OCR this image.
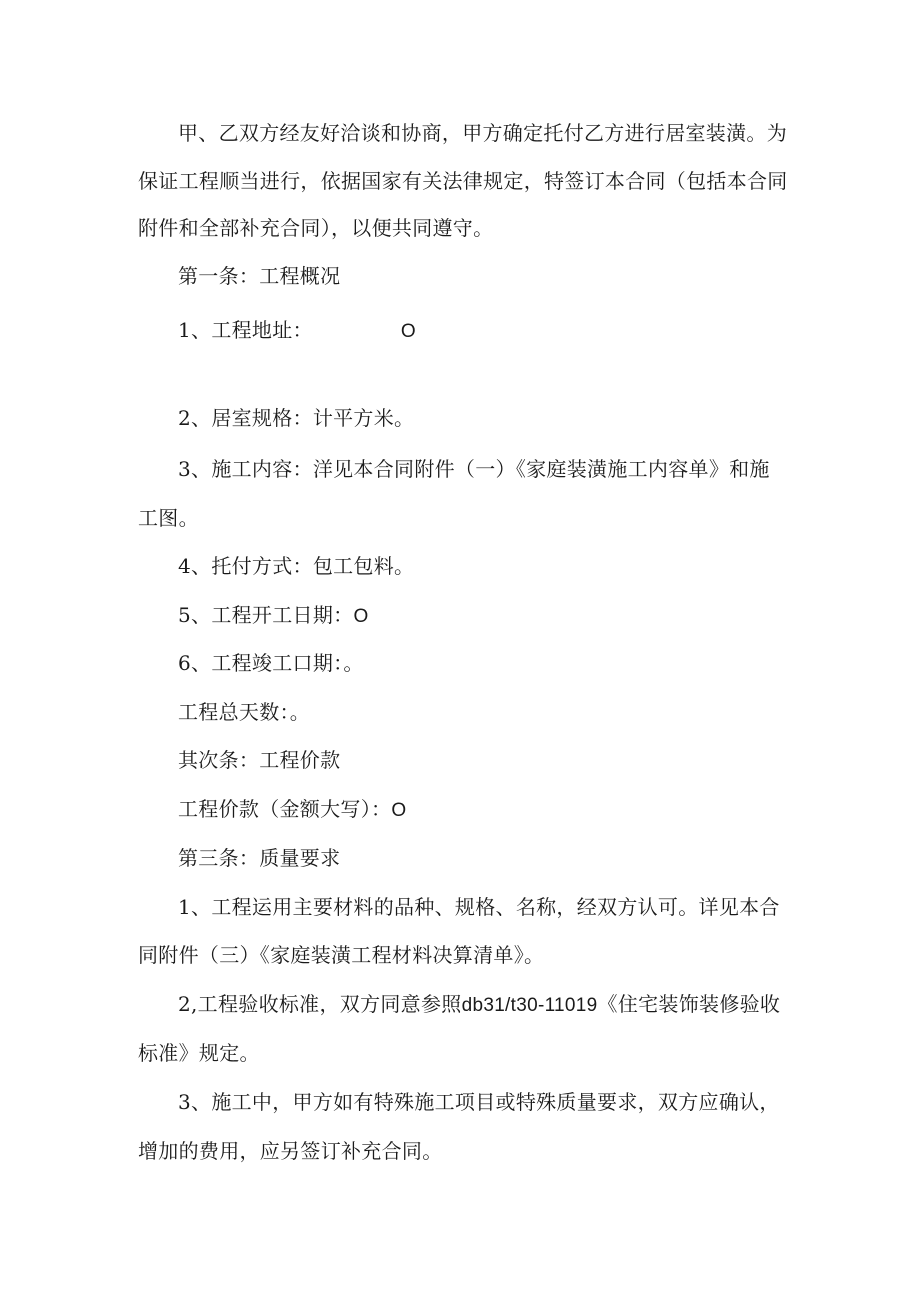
甲、乙双方经友好洽谈和协商，甲方确定托付乙方进行居室装潢。为
保证工程顺当进行，依据国家有关法律规定，特签订本合同（包括本合同
附件和全部补充合同），以便共同遵守。
第一条：工程概况
1、工程地址：	O
2、居室规格：计平方米。
3、施工内容：洋见本合同附件（一）《家庭装潢施工内容单》和施
工图。
4、托付方式：包工包料。
5、工程开工日期：O
6、工程竣工口期：。
工程总天数：。
其次条：工程价款
工程价款（金额大写）：O
第三条：质量要求
1、工程运用主要材料的品种、规格、名称，经双方认可。详见本合
同附件（三）《家庭装潢工程材料决算清单》。
2,工程验收标准，双方同意参照db31/t30-11019《住宅装饰装修验收
标准》规定。
3、施工中，甲方如有特殊施工项目或特殊质量要求，双方应确认，
增加的费用，应另签订补充合同。
